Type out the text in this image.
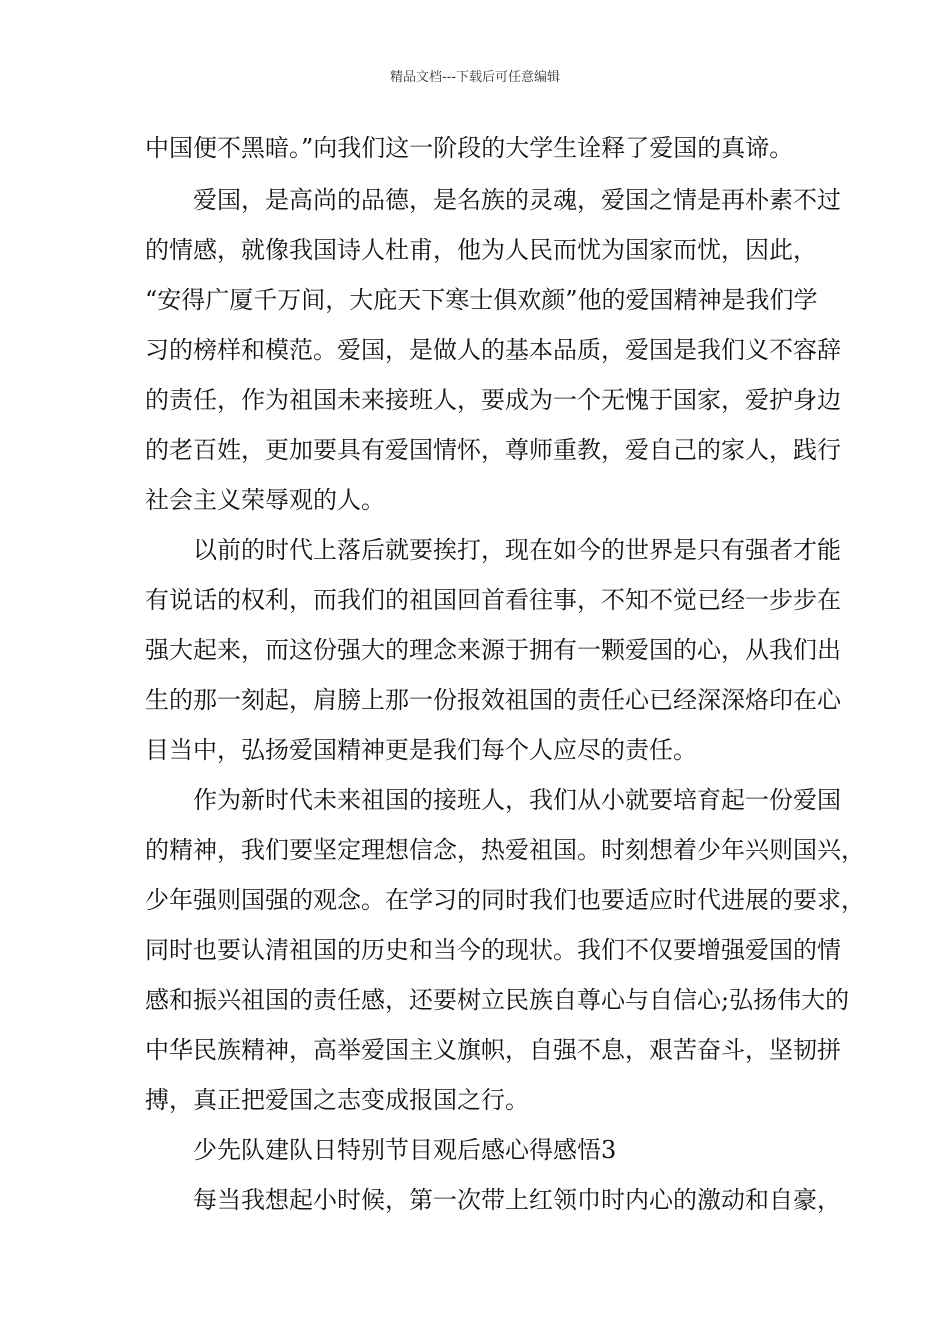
精品文档---下载后可任意编辑
中国便不黑暗。”向我们这一阶段的大学生诠释了爱国的真谛。
爱国，是高尚的品德，是名族的灵魂，爱国之情是再朴素不过
的情感，就像我国诗人杜甫，他为人民而忧为国家而忧，因此，
“安得广厦千万间，大庇天下寒士俱欢颜”他的爱国精神是我们学
习的榜样和模范。爱国，是做人的基本品质，爱国是我们义不容辞
的责任，作为祖国未来接班人，要成为一个无愧于国家，爱护身边
的老百姓，更加要具有爱国情怀，尊师重教，爱自己的家人，践行
社会主义荣辱观的人。
以前的时代上落后就要挨打，现在如今的世界是只有强者才能
有说话的权利，而我们的祖国回首看往事，不知不觉已经一步步在
强大起来，而这份强大的理念来源于拥有一颗爱国的心，从我们出
生的那一刻起，肩膀上那一份报效祖国的责任心已经深深烙印在心
目当中，弘扬爱国精神更是我们每个人应尽的责任。
作为新时代未来祖国的接班人，我们从小就要培育起一份爱国
的精神，我们要坚定理想信念，热爱祖国。时刻想着少年兴则国兴，
少年强则国强的观念。在学习的同时我们也要适应时代进展的要求，
同时也要认清祖国的历史和当今的现状。我们不仅要增强爱国的情
感和振兴祖国的责任感，还要树立民族自尊心与自信心;弘扬伟大的
中华民族精神，高举爱国主义旗帜，自强不息，艰苦奋斗，坚韧拼
搏，真正把爱国之志变成报国之行。
少先队建队日特别节目观后感心得感悟3
每当我想起小时候，第一次带上红领巾时内心的激动和自豪，
